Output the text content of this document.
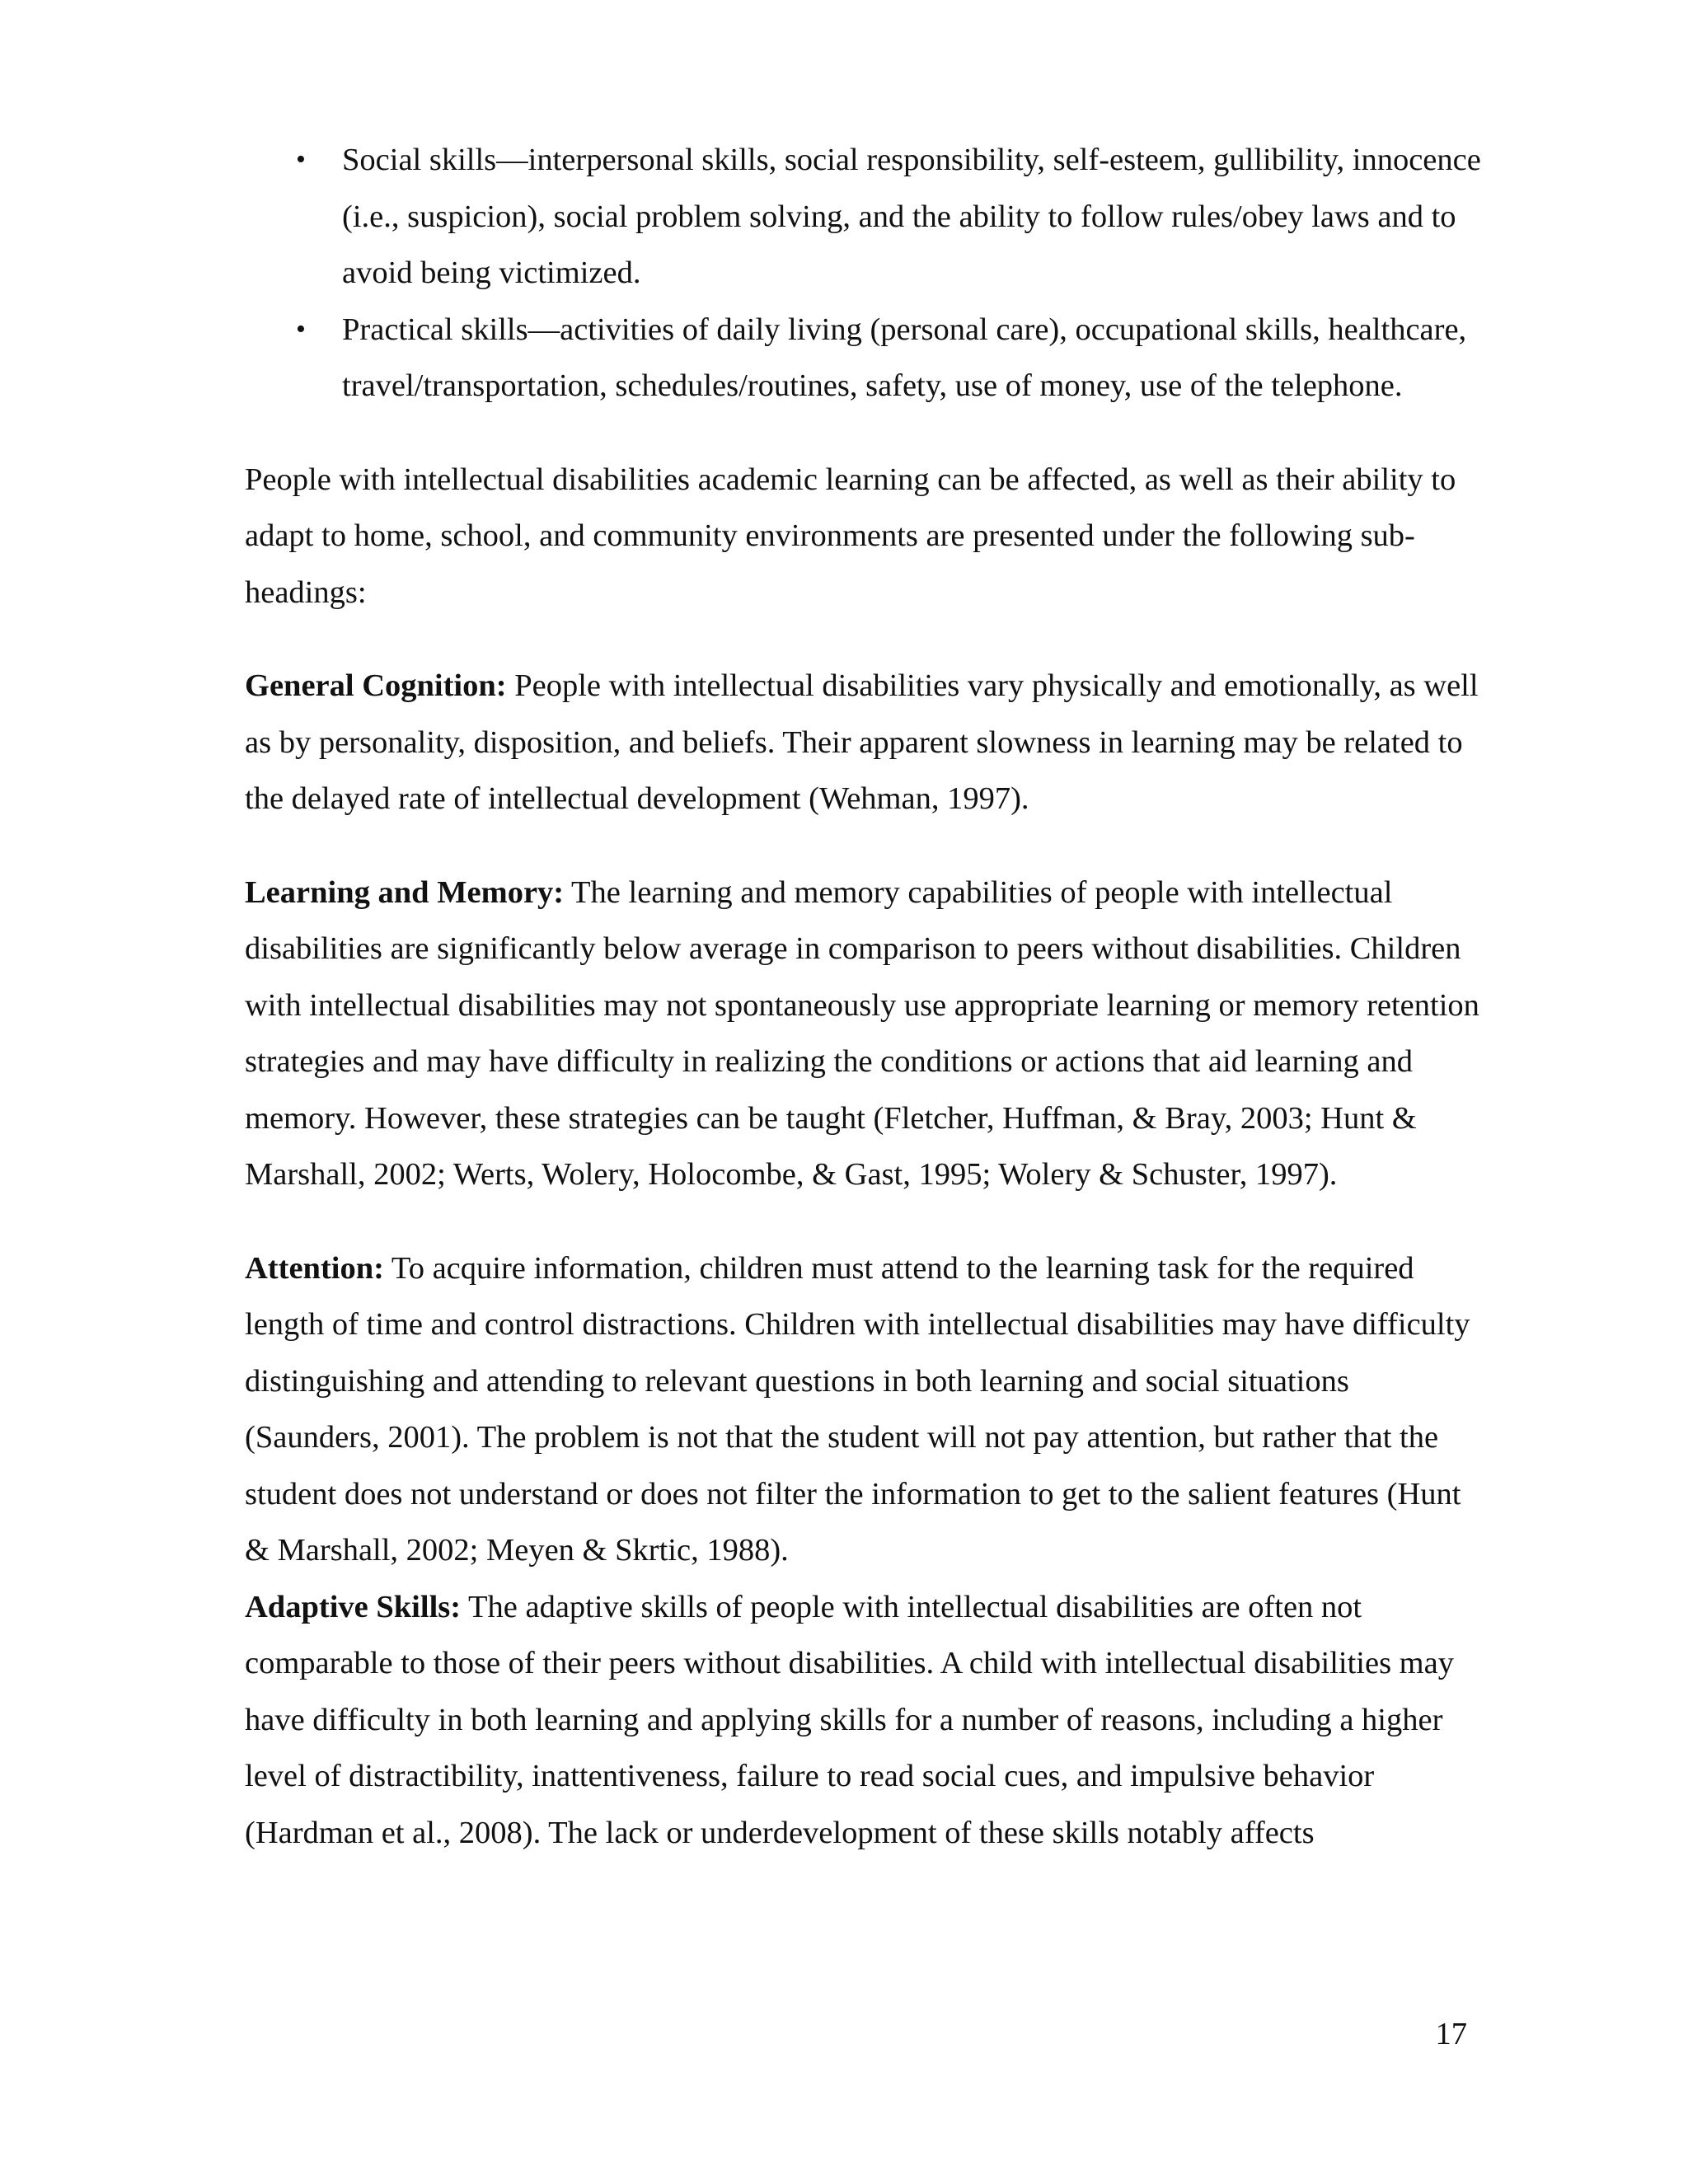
• Social skills—interpersonal skills, social responsibility, self-esteem, gullibility, innocence (i.e., suspicion), social problem solving, and the ability to follow rules/obey laws and to avoid being victimized.
• Practical skills—activities of daily living (personal care), occupational skills, healthcare, travel/transportation, schedules/routines, safety, use of money, use of the telephone.

People with intellectual disabilities academic learning can be affected, as well as their ability to adapt to home, school, and community environments are presented under the following sub-headings:

General Cognition: People with intellectual disabilities vary physically and emotionally, as well as by personality, disposition, and beliefs. Their apparent slowness in learning may be related to the delayed rate of intellectual development (Wehman, 1997).

Learning and Memory: The learning and memory capabilities of people with intellectual disabilities are significantly below average in comparison to peers without disabilities. Children with intellectual disabilities may not spontaneously use appropriate learning or memory retention strategies and may have difficulty in realizing the conditions or actions that aid learning and memory. However, these strategies can be taught (Fletcher, Huffman, & Bray, 2003; Hunt & Marshall, 2002; Werts, Wolery, Holocombe, & Gast, 1995; Wolery & Schuster, 1997).

Attention: To acquire information, children must attend to the learning task for the required length of time and control distractions. Children with intellectual disabilities may have difficulty distinguishing and attending to relevant questions in both learning and social situations (Saunders, 2001). The problem is not that the student will not pay attention, but rather that the student does not understand or does not filter the information to get to the salient features (Hunt & Marshall, 2002; Meyen & Skrtic, 1988).

Adaptive Skills: The adaptive skills of people with intellectual disabilities are often not comparable to those of their peers without disabilities. A child with intellectual disabilities may have difficulty in both learning and applying skills for a number of reasons, including a higher level of distractibility, inattentiveness, failure to read social cues, and impulsive behavior (Hardman et al., 2008). The lack or underdevelopment of these skills notably affects

17
